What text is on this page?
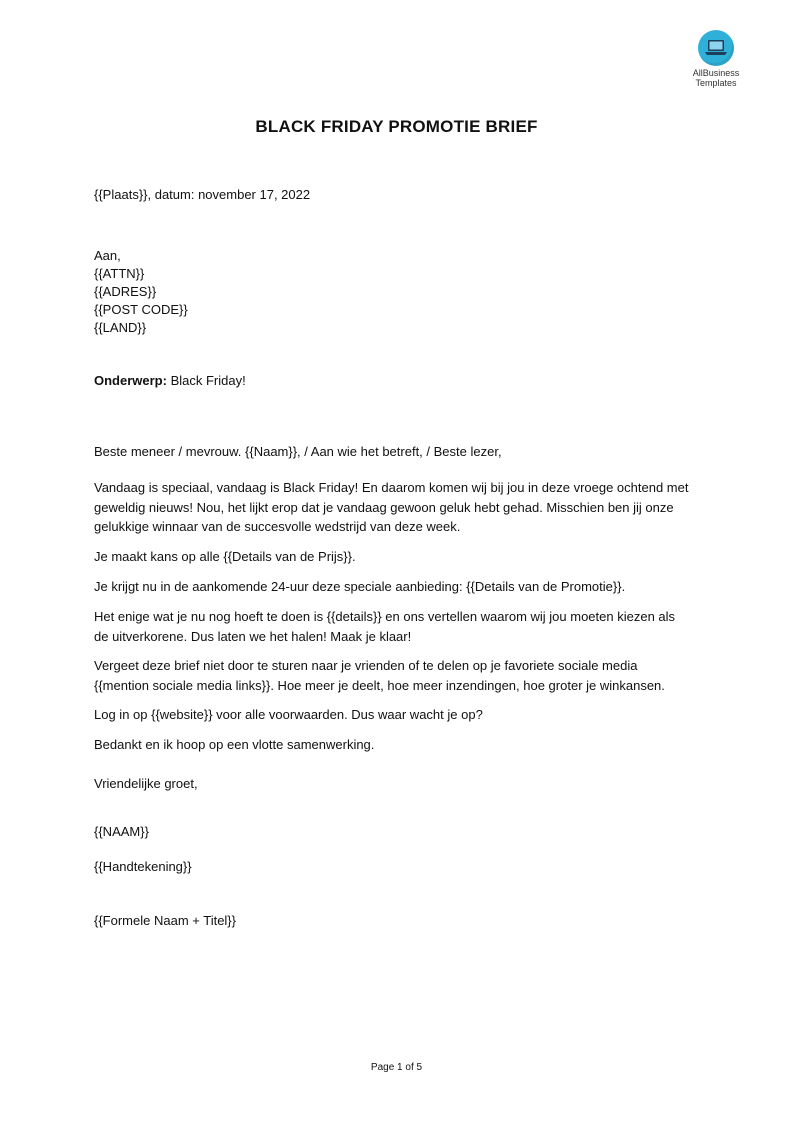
AllBusiness
Templates
BLACK FRIDAY PROMOTIE BRIEF
{{Plaats}}, datum: november 17, 2022
Aan,
{{ATTN}}
{{ADRES}}
{{POST CODE}}
{{LAND}}
Onderwerp: Black Friday!
Beste meneer / mevrouw. {{Naam}}, / Aan wie het betreft, / Beste lezer,
Vandaag is speciaal, vandaag is Black Friday! En daarom komen wij bij jou in deze vroege ochtend met
geweldig nieuws! Nou, het lijkt erop dat je vandaag gewoon geluk hebt gehad. Misschien ben jij onze
gelukkige winnaar van de succesvolle wedstrijd van deze week.
Je maakt kans op alle {{Details van de Prijs}}.
Je krijgt nu in de aankomende 24-uur deze speciale aanbieding: {{Details van de Promotie}}.
Het enige wat je nu nog hoeft te doen is {{details}} en ons vertellen waarom wij jou moeten kiezen als
de uitverkorene. Dus laten we het halen! Maak je klaar!
Vergeet deze brief niet door te sturen naar je vrienden of te delen op je favoriete sociale media
{{mention sociale media links}}. Hoe meer je deelt, hoe meer inzendingen, hoe groter je winkansen.
Log in op {{website}} voor alle voorwaarden. Dus waar wacht je op?
Bedankt en ik hoop op een vlotte samenwerking.
Vriendelijke groet,
{{NAAM}}
{{Handtekening}}
{{Formele Naam + Titel}}
Page 1 of 5
